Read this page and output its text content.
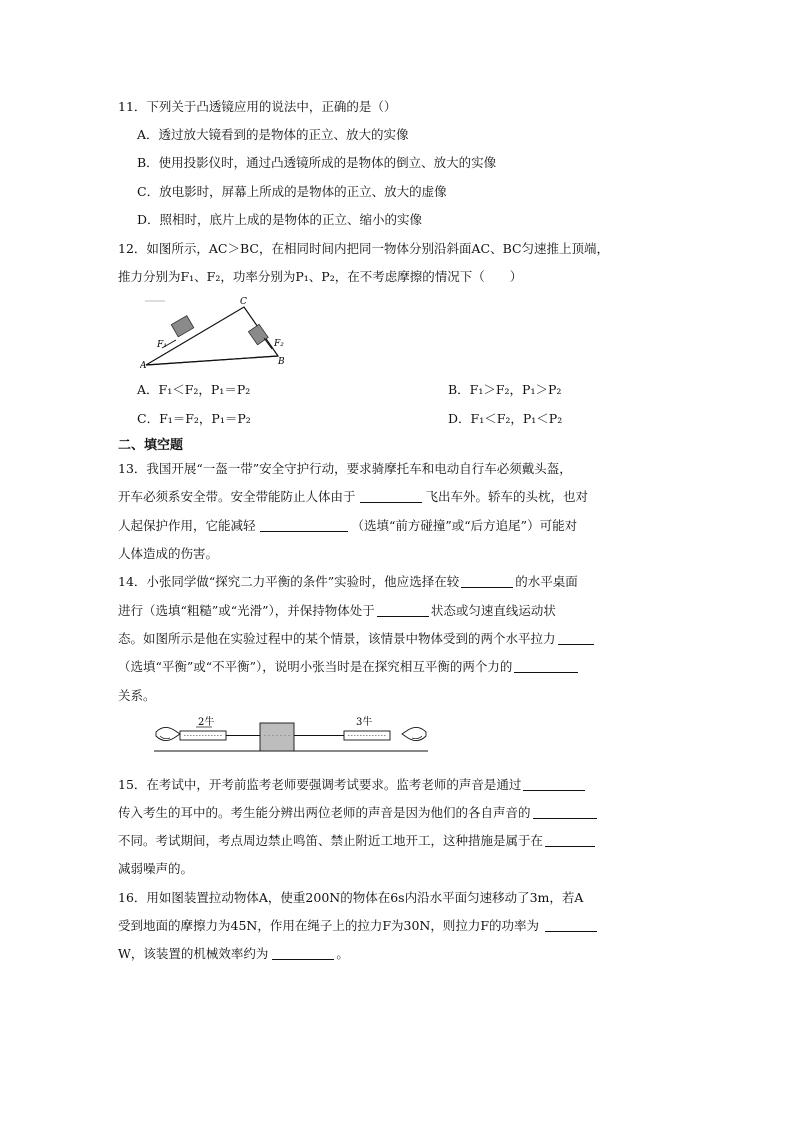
11．下列关于凸透镜应用的说法中，正确的是（）
A．透过放大镜看到的是物体的正立、放大的实像
B．使用投影仪时，通过凸透镜所成的是物体的倒立、放大的实像
C．放电影时，屏幕上所成的是物体的正立、放大的虚像
D．照相时，底片上成的是物体的正立、缩小的实像
12．如图所示，AC＞BC，在相同时间内把同一物体分别沿斜面AC、BC匀速推上顶端，
推力分别为F₁、F₂，功率分别为P₁、P₂，在不考虑摩擦的情况下（　　）
C
A	B
F₁	F₂
A．F₁＜F₂，P₁＝P₂	B．F₁＞F₂，P₁＞P₂
C．F₁＝F₂，P₁＝P₂	D．F₁＜F₂，P₁＜P₂
二、填空题
13．我国开展“一盔一带”安全守护行动，要求骑摩托车和电动自行车必须戴头盔，
开车必须系安全带。安全带能防止人体由于	飞出车外。轿车的头枕，也对
人起保护作用，它能减轻	（选填“前方碰撞”或“后方追尾”）可能对
人体造成的伤害。
14．小张同学做“探究二力平衡的条件”实验时，他应选择在较	的水平桌面
进行（选填“粗糙”或“光滑”），并保持物体处于	状态或匀速直线运动状
态。如图所示是他在实验过程中的某个情景，该情景中物体受到的两个水平拉力
（选填“平衡”或“不平衡”），说明小张当时是在探究相互平衡的两个力的
关系。
2牛	3牛
15．在考试中，开考前监考老师要强调考试要求。监考老师的声音是通过
传入考生的耳中的。考生能分辨出两位老师的声音是因为他们的各自声音的
不同。考试期间，考点周边禁止鸣笛、禁止附近工地开工，这种措施是属于在
减弱噪声的。
16．用如图装置拉动物体A，使重200N的物体在6s内沿水平面匀速移动了3m，若A
受到地面的摩擦力为45N，作用在绳子上的拉力F为30N，则拉力F的功率为
W，该装置的机械效率约为	。
